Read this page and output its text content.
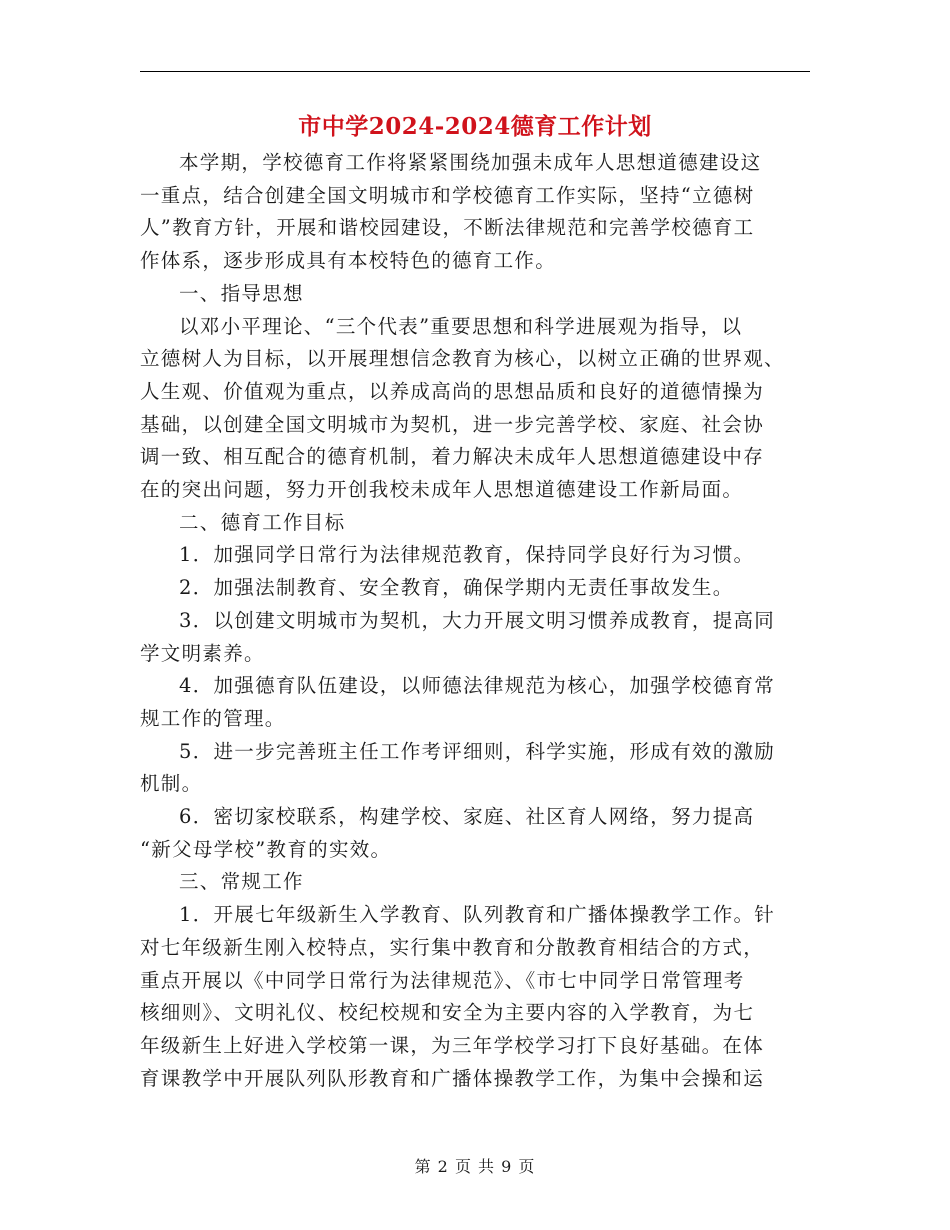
市中学2024-2024德育工作计划
本学期，学校德育工作将紧紧围绕加强未成年人思想道德建设这
一重点，结合创建全国文明城市和学校德育工作实际，坚持“立德树
人”教育方针，开展和谐校园建设，不断法律规范和完善学校德育工
作体系，逐步形成具有本校特色的德育工作。
一、指导思想
以邓小平理论、“三个代表”重要思想和科学进展观为指导，以
立德树人为目标，以开展理想信念教育为核心，以树立正确的世界观、
人生观、价值观为重点，以养成高尚的思想品质和良好的道德情操为
基础，以创建全国文明城市为契机，进一步完善学校、家庭、社会协
调一致、相互配合的德育机制，着力解决未成年人思想道德建设中存
在的突出问题，努力开创我校未成年人思想道德建设工作新局面。
二、德育工作目标
1．加强同学日常行为法律规范教育，保持同学良好行为习惯。
2．加强法制教育、安全教育，确保学期内无责任事故发生。
3．以创建文明城市为契机，大力开展文明习惯养成教育，提高同
学文明素养。
4．加强德育队伍建设，以师德法律规范为核心，加强学校德育常
规工作的管理。
5．进一步完善班主任工作考评细则，科学实施，形成有效的激励
机制。
6．密切家校联系，构建学校、家庭、社区育人网络，努力提高
“新父母学校”教育的实效。
三、常规工作
1．开展七年级新生入学教育、队列教育和广播体操教学工作。针
对七年级新生刚入校特点，实行集中教育和分散教育相结合的方式，
重点开展以《中同学日常行为法律规范》、《市七中同学日常管理考
核细则》、文明礼仪、校纪校规和安全为主要内容的入学教育，为七
年级新生上好进入学校第一课，为三年学校学习打下良好基础。在体
育课教学中开展队列队形教育和广播体操教学工作，为集中会操和运
第 2 页 共 9 页
